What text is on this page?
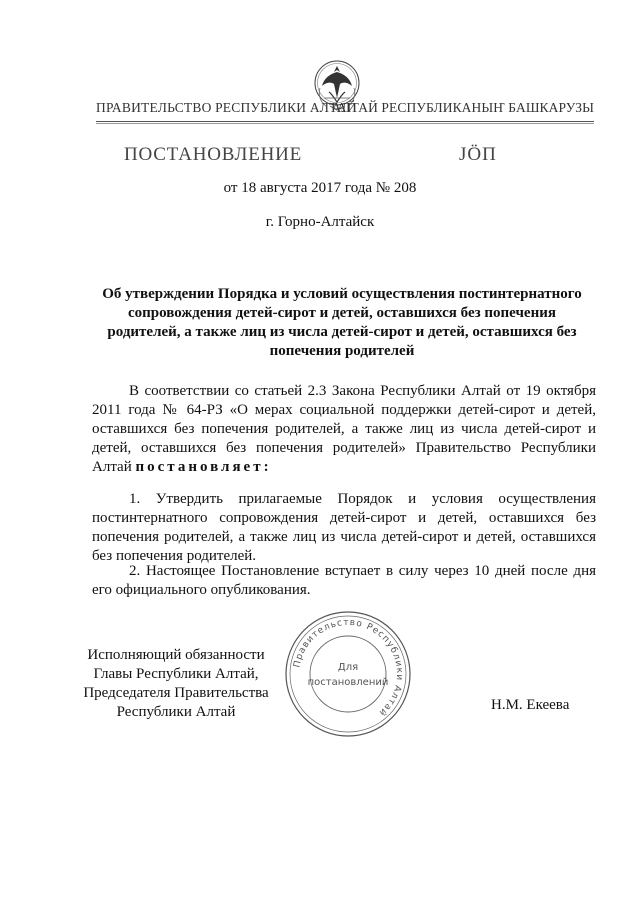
ПРАВИТЕЛЬСТВО РЕСПУБЛИКИ АЛТАЙ
АЛТАЙ РЕСПУБЛИКАНЫҤ БАШКАРУЗЫ
ПОСТАНОВЛЕНИЕ	JÖП
от 18 августа 2017 года № 208
г. Горно-Алтайск
Об утверждении Порядка и условий осуществления постинтернатного
сопровождения детей-сирот и детей, оставшихся без попечения
родителей, а также лиц из числа детей-сирот и детей, оставшихся без
попечения родителей
В соответствии со статьей 2.3 Закона Республики Алтай от 19 октября 2011 года № 64-РЗ «О мерах социальной поддержки детей-сирот и детей, оставшихся без попечения родителей, а также лиц из числа детей-сирот и детей, оставшихся без попечения родителей» Правительство Республики Алтай постановляет:
1. Утвердить прилагаемые Порядок и условия осуществления постинтернатного сопровождения детей-сирот и детей, оставшихся без попечения родителей, а также лиц из числа детей-сирот и детей, оставшихся без попечения родителей.
2. Настоящее Постановление вступает в силу через 10 дней после дня его официального опубликования.
Исполняющий обязанности
Главы Республики Алтай,
Председателя Правительства
Республики Алтай
Правительство Республики Алтай
Для
постановлений
Н.М. Екеева
